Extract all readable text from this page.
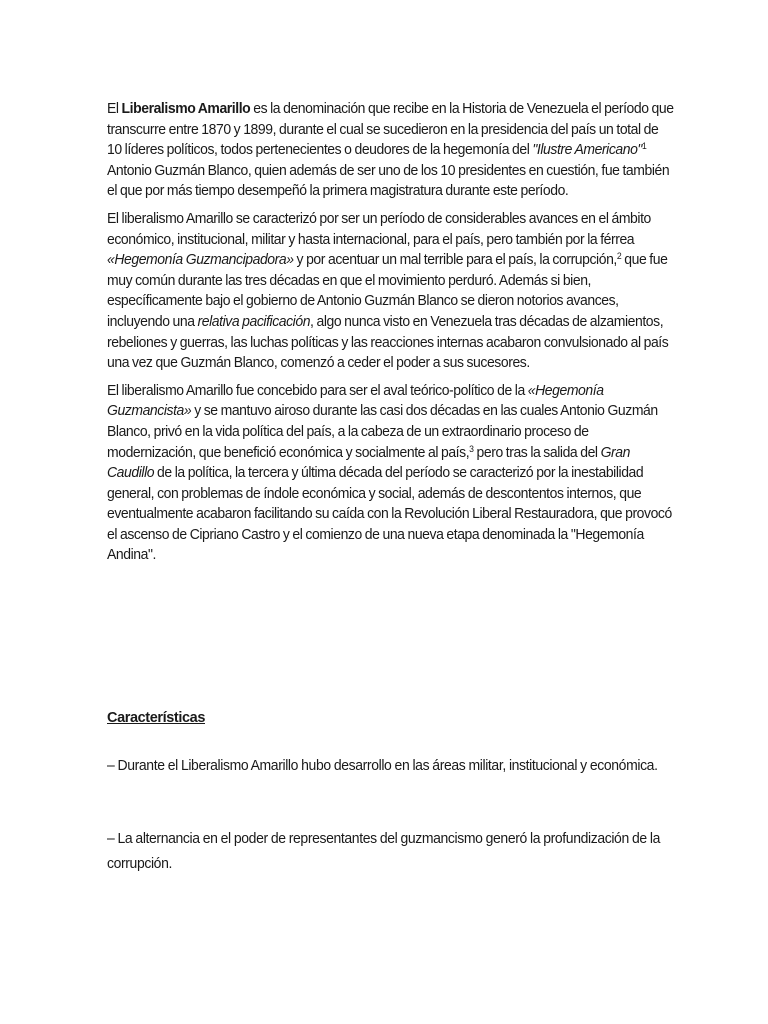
El Liberalismo Amarillo es la denominación que recibe en la Historia de Venezuela el período que transcurre entre 1870 y 1899, durante el cual se sucedieron en la presidencia del país un total de 10 líderes políticos, todos pertenecientes o deudores de la hegemonía del "Ilustre Americano"$^1$ Antonio Guzmán Blanco, quien además de ser uno de los 10 presidentes en cuestión, fue también el que por más tiempo desempeñó la primera magistratura durante este período.

El liberalismo Amarillo se caracterizó por ser un período de considerables avances en el ámbito económico, institucional, militar y hasta internacional, para el país, pero también por la férrea «Hegemonía Guzmancipadora» y por acentuar un mal terrible para el país, la corrupción,$^2$ que fue muy común durante las tres décadas en que el movimiento perduró. Además si bien, específicamente bajo el gobierno de Antonio Guzmán Blanco se dieron notorios avances, incluyendo una relativa pacificación, algo nunca visto en Venezuela tras décadas de alzamientos, rebeliones y guerras, las luchas políticas y las reacciones internas acabaron convulsionado al país una vez que Guzmán Blanco, comenzó a ceder el poder a sus sucesores.

El liberalismo Amarillo fue concebido para ser el aval teórico-político de la «Hegemonía Guzmancista» y se mantuvo airoso durante las casi dos décadas en las cuales Antonio Guzmán Blanco, privó en la vida política del país, a la cabeza de un extraordinario proceso de modernización, que benefició económica y socialmente al país,$^3$ pero tras la salida del Gran Caudillo de la política, la tercera y última década del período se caracterizó por la inestabilidad general, con problemas de índole económica y social, además de descontentos internos, que eventualmente acabaron facilitando su caída con la Revolución Liberal Restauradora, que provocó el ascenso de Cipriano Castro y el comienzo de una nueva etapa denominada la "Hegemonía Andina".

Características

– Durante el Liberalismo Amarillo hubo desarrollo en las áreas militar, institucional y económica.

– La alternancia en el poder de representantes del guzmancismo generó la profundización de la corrupción.
